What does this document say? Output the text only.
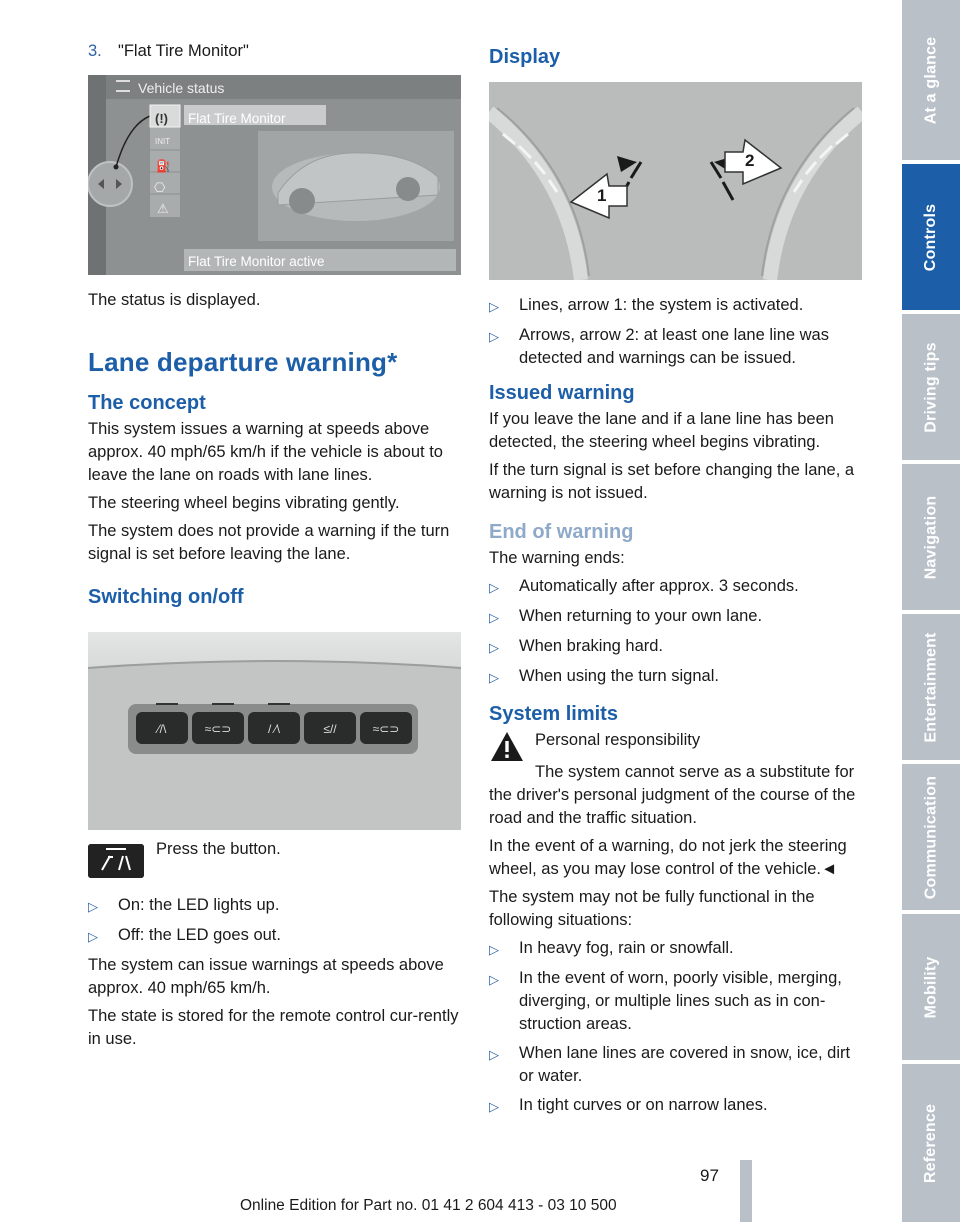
3. "Flat Tire Monitor"
Vehicle status
(!)
INIT
⛽
⎔
⚠
Flat Tire Monitor
Flat Tire Monitor active

The status is displayed.

Lane departure warning*
The concept

This system issues a warning at speeds above approx. 40 mph/65 km/h if the vehicle is about to leave the lane on roads with lane lines.

The steering wheel begins vibrating gently.

The system does not provide a warning if the turn signal is set before leaving the lane.

Switching on/off
⁄/\	≈⊂⊃	/ ⁄\	≤//	≈⊂⊃

Press the button.

▷	On: the LED lights up.
▷	Off: the LED goes out.

The system can issue warnings at speeds above approx. 40 mph/65 km/h.

The state is stored for the remote control cur-rently in use.

Display
1
2
▷	Lines, arrow 1: the system is activated.
▷	Arrows, arrow 2: at least one lane line was detected and warnings can be issued.
Issued warning

If you leave the lane and if a lane line has been detected, the steering wheel begins vibrating.

If the turn signal is set before changing the lane, a warning is not issued.

End of warning

The warning ends:

▷	Automatically after approx. 3 seconds.
▷	When returning to your own lane.
▷	When braking hard.
▷	When using the turn signal.
System limits

Personal responsibility

The system cannot serve as a substitute for the driver's personal judgment of the course of the road and the traffic situation.

In the event of a warning, do not jerk the steering wheel, as you may lose control of the vehicle.◄

The system may not be fully functional in the following situations:

▷	In heavy fog, rain or snowfall.
▷	In the event of worn, poorly visible, merging, diverging, or multiple lines such as in con-struction areas.
▷	When lane lines are covered in snow, ice, dirt or water.
▷	In tight curves or on narrow lanes.
At a glance
Controls
Driving tips
Navigation
Entertainment
Communication
Mobility
Reference
97
Online Edition for Part no. 01 41 2 604 413 - 03 10 500
